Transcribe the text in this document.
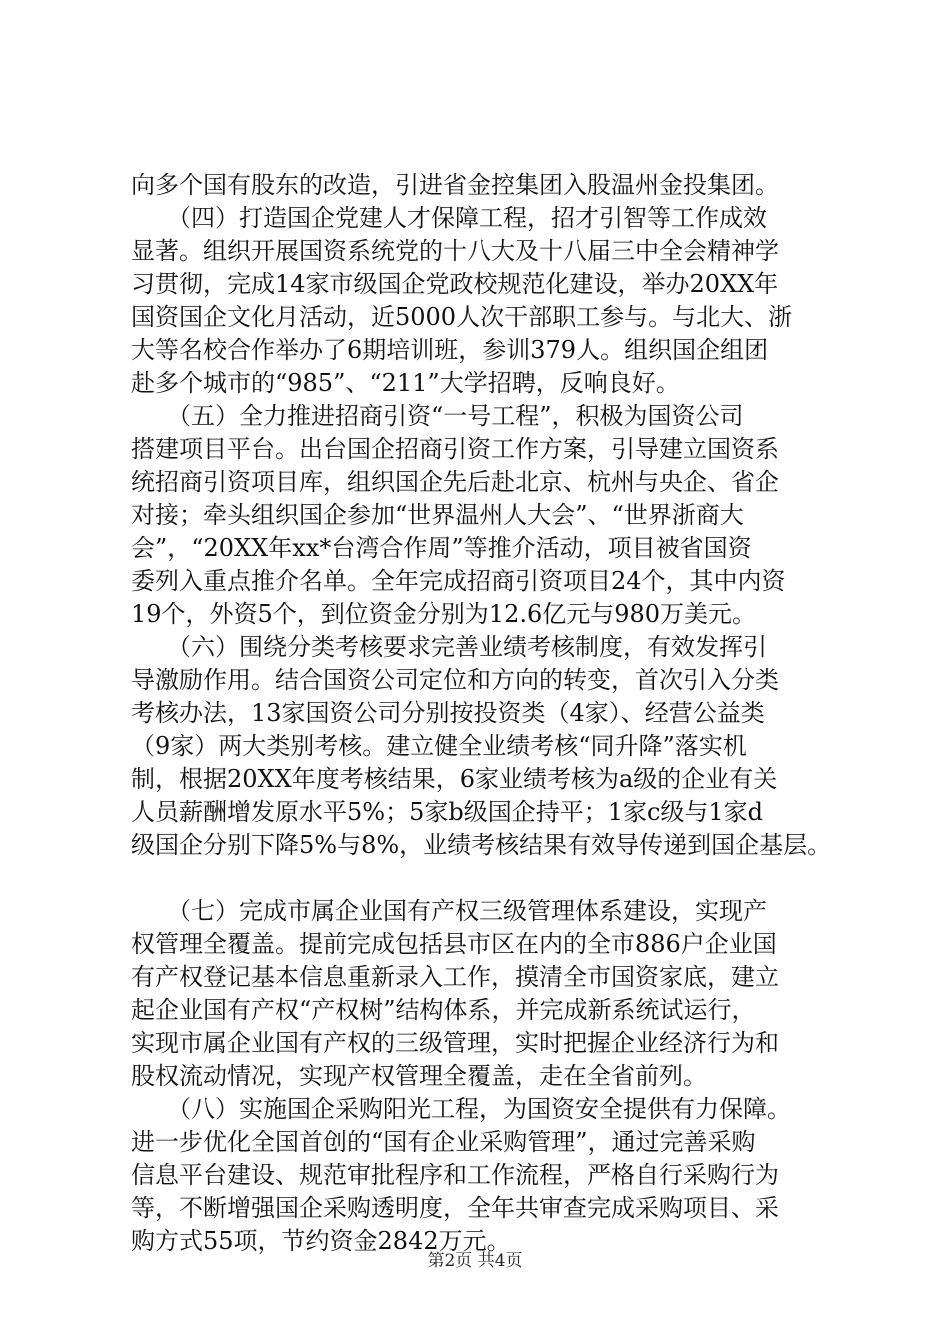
向多个国有股东的改造，引进省金控集团入股温州金投集团。
　　（四）打造国企党建人才保障工程，招才引智等工作成效
显著。组织开展国资系统党的十八大及十八届三中全会精神学
习贯彻，完成14家市级国企党政校规范化建设，举办20XX年
国资国企文化月活动，近5000人次干部职工参与。与北大、浙
大等名校合作举办了6期培训班，参训379人。组织国企组团
赴多个城市的“985”、“211”大学招聘，反响良好。
　　（五）全力推进招商引资“一号工程”，积极为国资公司
搭建项目平台。出台国企招商引资工作方案，引导建立国资系
统招商引资项目库，组织国企先后赴北京、杭州与央企、省企
对接；牵头组织国企参加“世界温州人大会”、“世界浙商大
会”，“20XX年xx*台湾合作周”等推介活动，项目被省国资
委列入重点推介名单。全年完成招商引资项目24个，其中内资
19个，外资5个，到位资金分别为12.6亿元与980万美元。
　　（六）围绕分类考核要求完善业绩考核制度，有效发挥引
导激励作用。结合国资公司定位和方向的转变，首次引入分类
考核办法，13家国资公司分别按投资类（4家）、经营公益类
（9家）两大类别考核。建立健全业绩考核“同升降”落实机
制，根据20XX年度考核结果，6家业绩考核为a级的企业有关
人员薪酬增发原水平5%；5家b级国企持平；1家c级与1家d
级国企分别下降5%与8%，业绩考核结果有效导传递到国企基层。
　　（七）完成市属企业国有产权三级管理体系建设，实现产
权管理全覆盖。提前完成包括县市区在内的全市886户企业国
有产权登记基本信息重新录入工作，摸清全市国资家底，建立
起企业国有产权“产权树”结构体系，并完成新系统试运行，
实现市属企业国有产权的三级管理，实时把握企业经济行为和
股权流动情况，实现产权管理全覆盖，走在全省前列。
　　（八）实施国企采购阳光工程，为国资安全提供有力保障。
进一步优化全国首创的“国有企业采购管理”，通过完善采购
信息平台建设、规范审批程序和工作流程，严格自行采购行为
等，不断增强国企采购透明度，全年共审查完成采购项目、采
购方式55项，节约资金2842万元。
第2页 共4页
